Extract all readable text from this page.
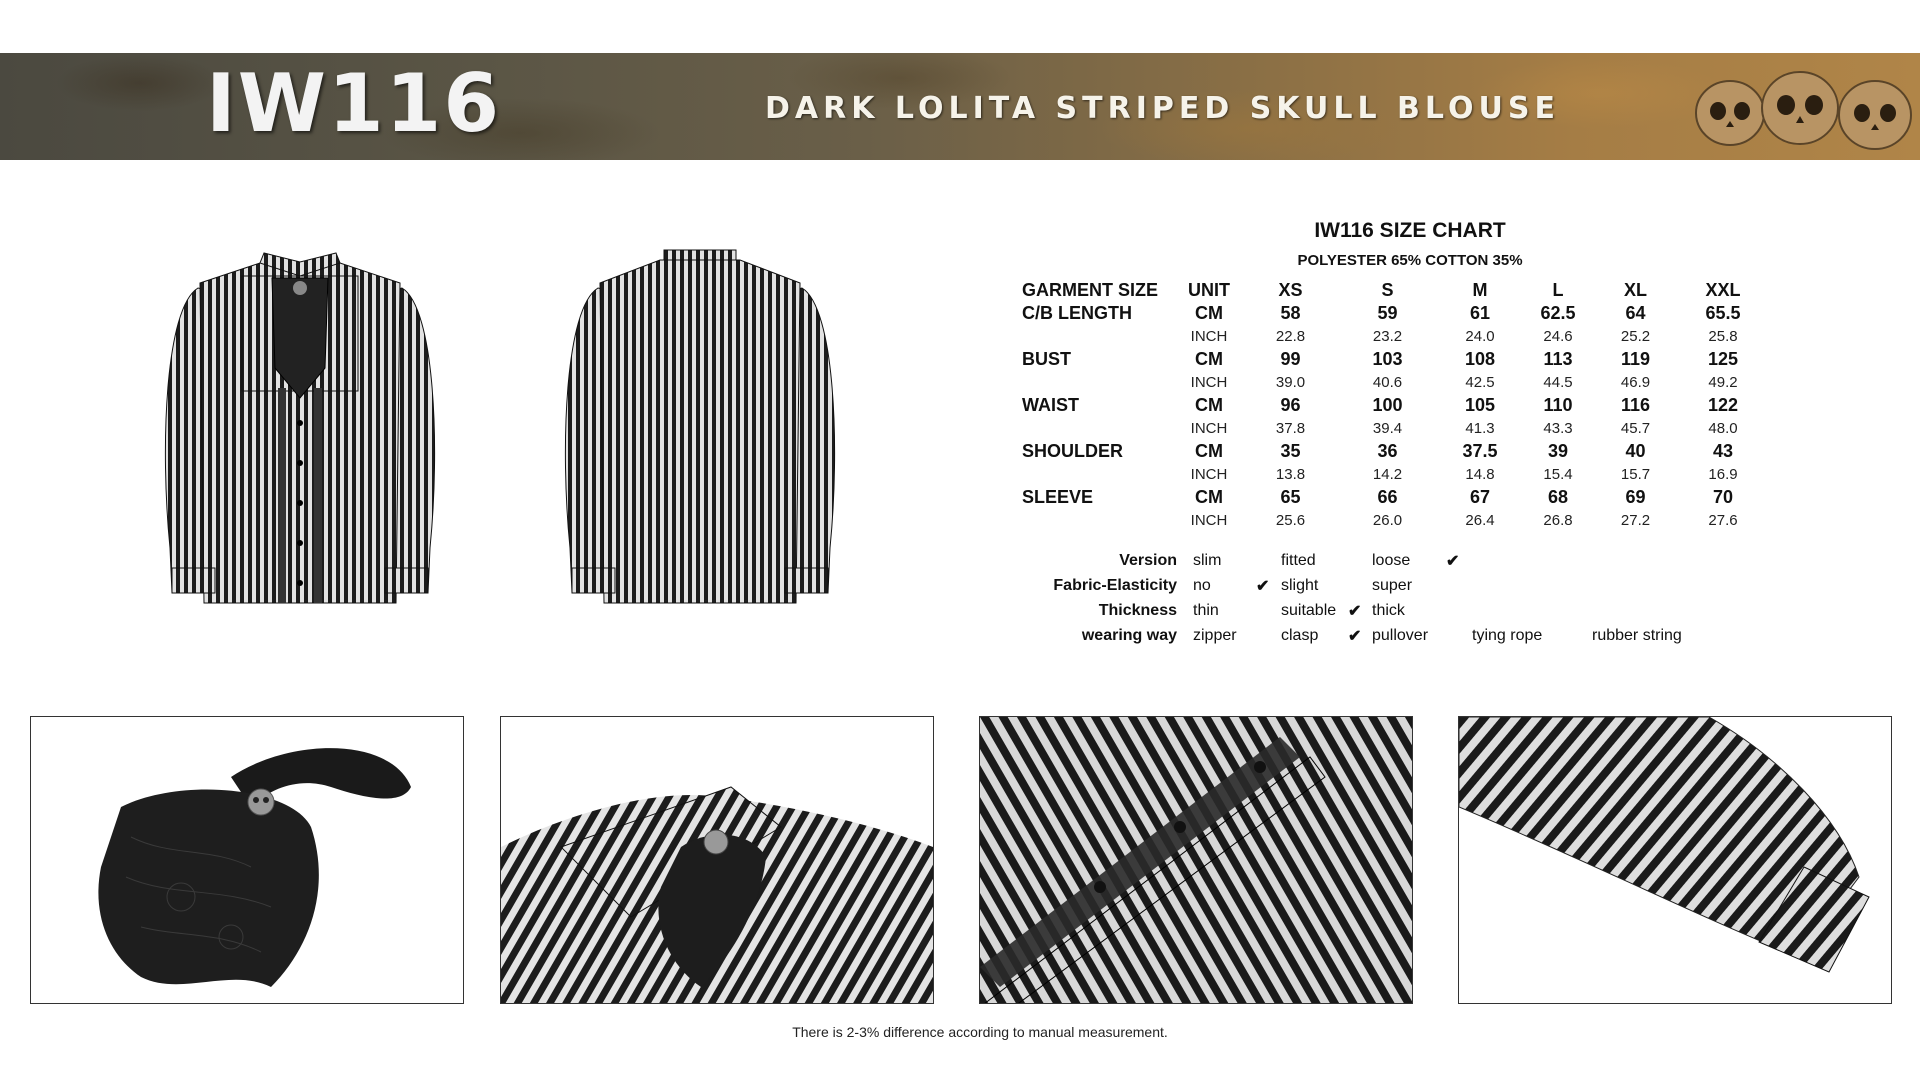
IW116	DARK LOLITA STRIPED SKULL BLOUSE
IW116 SIZE CHART
POLYESTER 65% COTTON 35%
GARMENT SIZE	UNIT	XS	S	M	L	XL	XXL
C/B LENGTH	CM	58	59	61	62.5	64	65.5
	INCH	22.8	23.2	24.0	24.6	25.2	25.8
BUST	CM	99	103	108	113	119	125
	INCH	39.0	40.6	42.5	44.5	46.9	49.2
WAIST	CM	96	100	105	110	116	122
	INCH	37.8	39.4	41.3	43.3	45.7	48.0
SHOULDER	CM	35	36	37.5	39	40	43
	INCH	13.8	14.2	14.8	15.4	15.7	16.9
SLEEVE	CM	65	66	67	68	69	70
	INCH	25.6	26.0	26.4	26.8	27.2	27.6
Version slim	fitted	loose ✔
Fabric-Elasticity no	✔ slight	super
Thickness thin	suitable ✔ thick
wearing way zipper	clasp ✔ pullover	tying rope	rubber string
There is 2-3% difference according to manual measurement.
